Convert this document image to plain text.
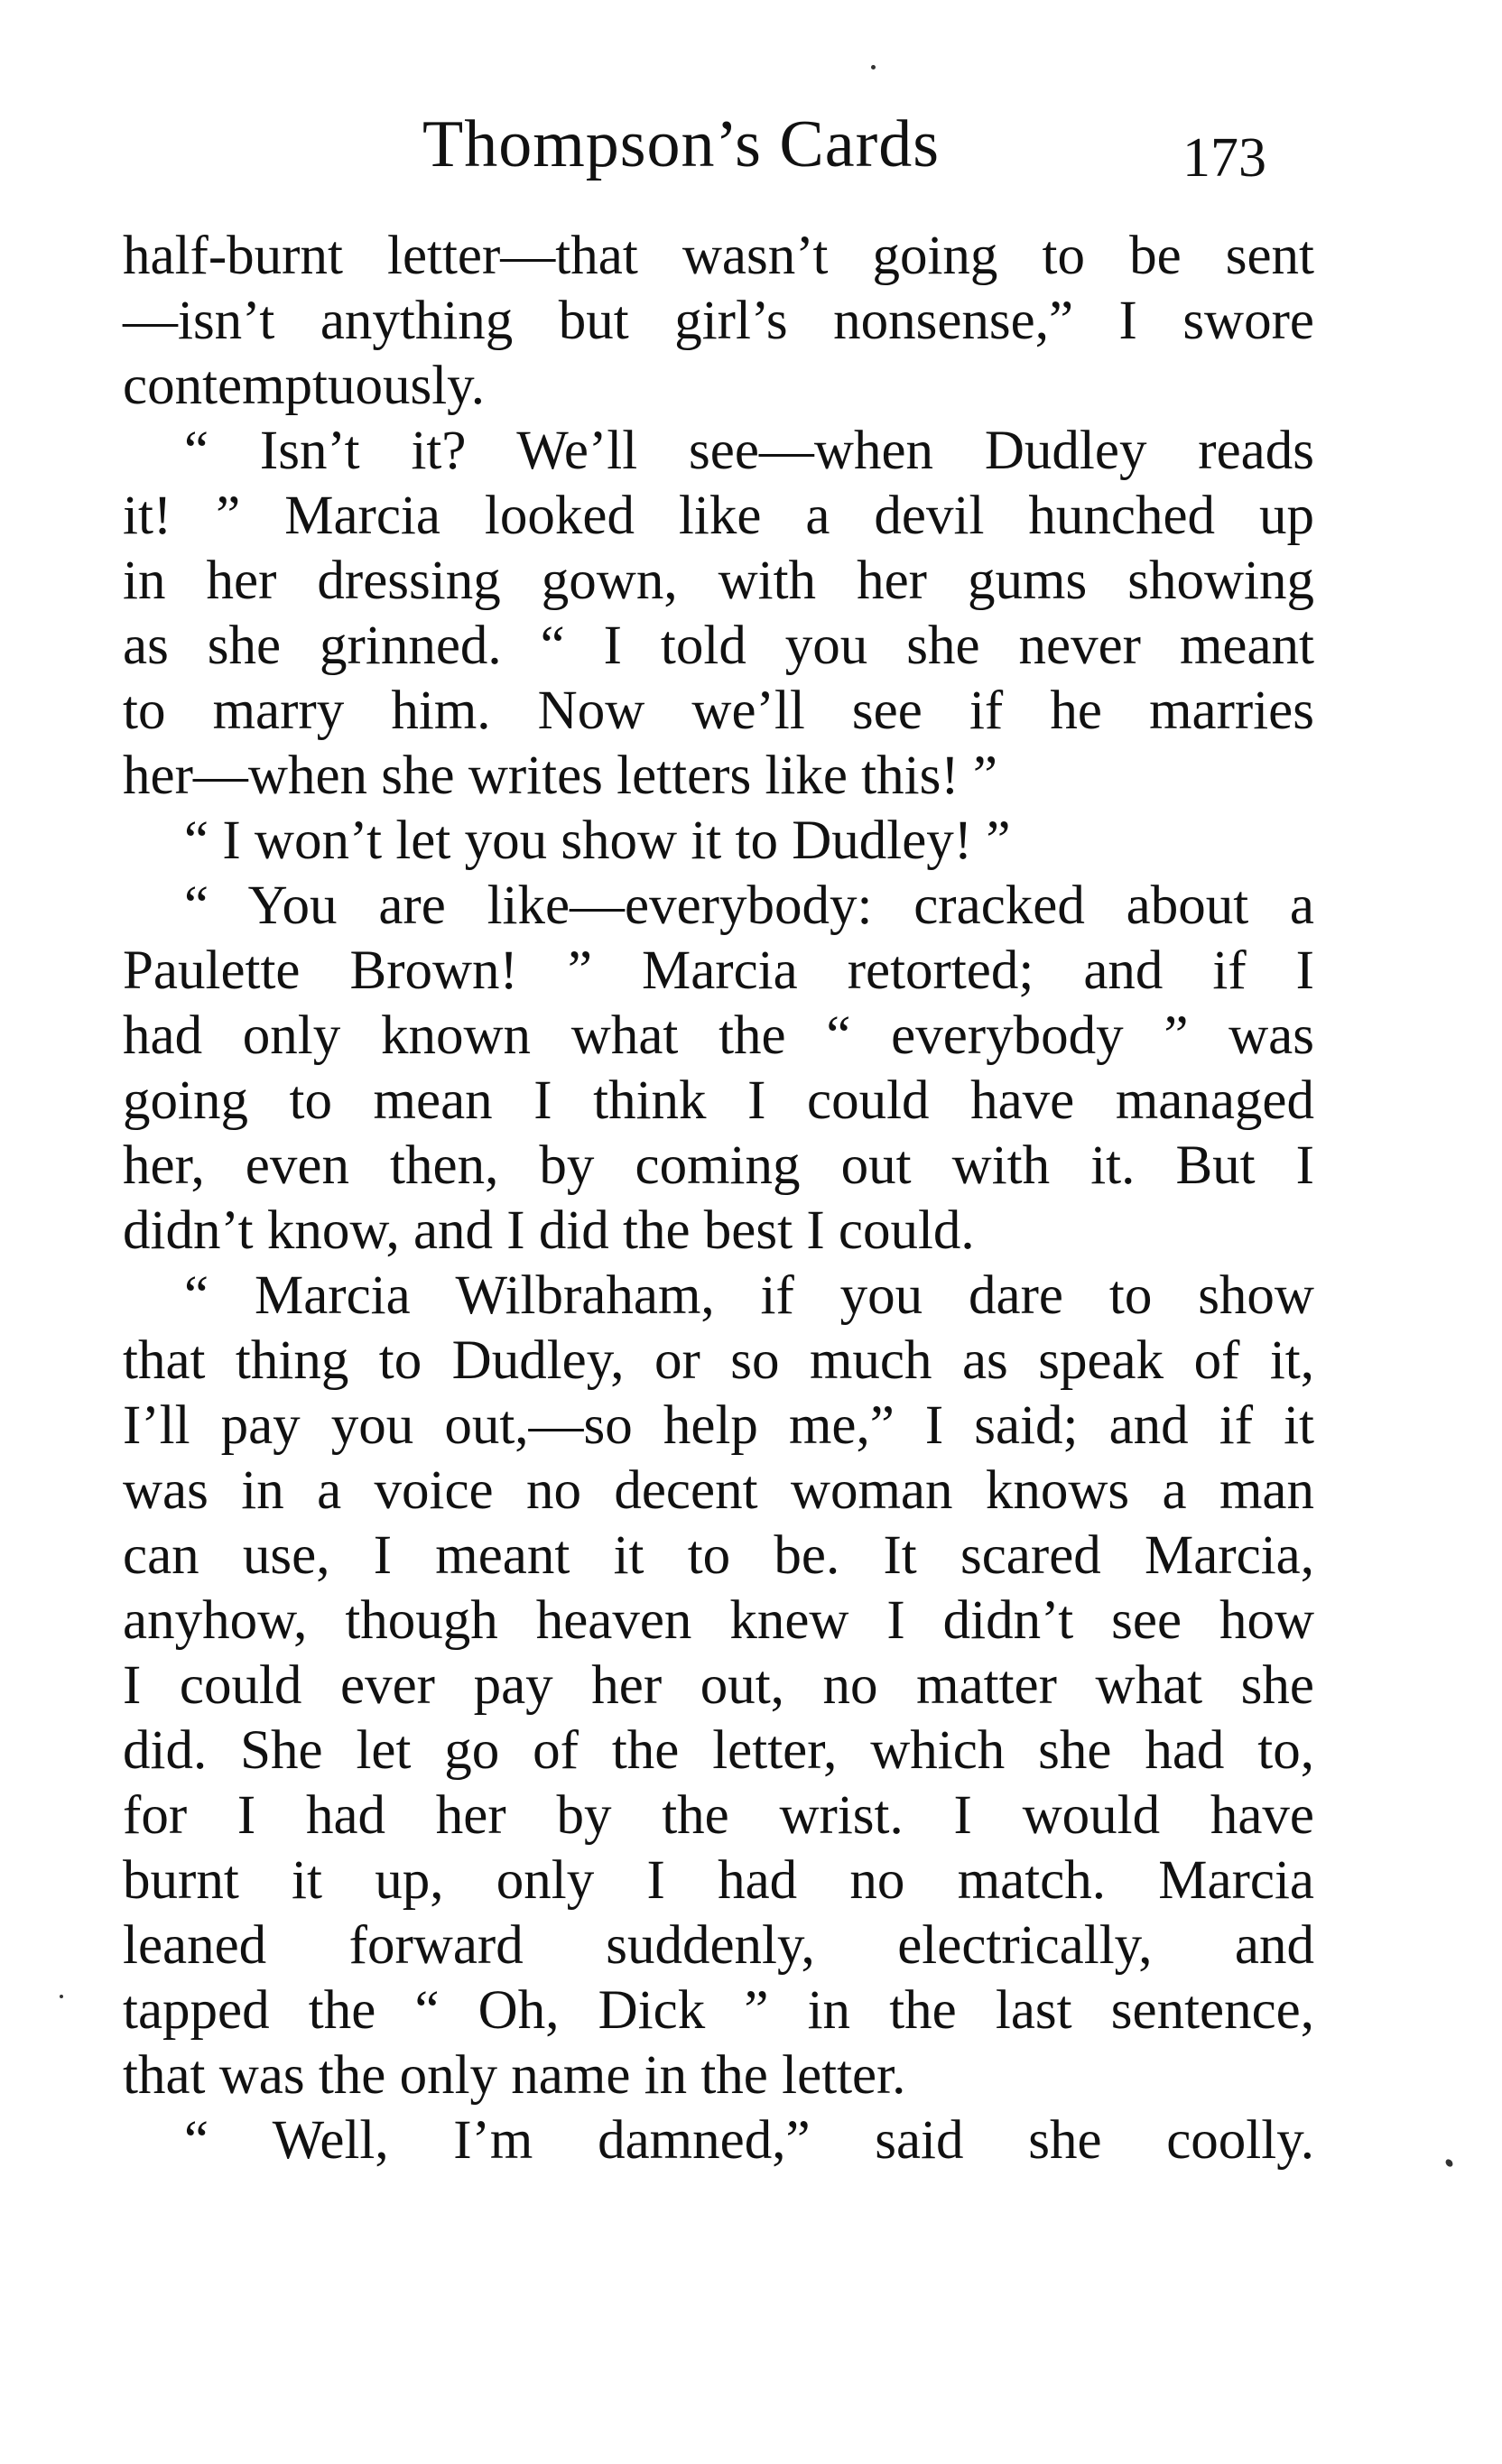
Thompson’s Cards	173
half-burnt letter—that wasn’t going to be sent
—isn’t anything but girl’s nonsense,” I swore
contemptuously.
“ Isn’t it? We’ll see—when Dudley reads
it! ” Marcia looked like a devil hunched up
in her dressing gown, with her gums showing
as she grinned. “ I told you she never meant
to marry him. Now we’ll see if he marries
her—when she writes letters like this! ”
“ I won’t let you show it to Dudley! ”
“ You are like—everybody: cracked about a
Paulette Brown! ” Marcia retorted; and if I
had only known what the “ everybody ” was
going to mean I think I could have managed
her, even then, by coming out with it. But I
didn’t know, and I did the best I could.
“ Marcia Wilbraham, if you dare to show
that thing to Dudley, or so much as speak of it,
I’ll pay you out,—so help me,” I said; and if it
was in a voice no decent woman knows a man
can use, I meant it to be. It scared Marcia,
anyhow, though heaven knew I didn’t see how
I could ever pay her out, no matter what she
did. She let go of the letter, which she had to,
for I had her by the wrist. I would have
burnt it up, only I had no match. Marcia
leaned forward suddenly, electrically, and
tapped the “ Oh, Dick ” in the last sentence,
that was the only name in the letter.
“ Well, I’m damned,” said she coolly.
